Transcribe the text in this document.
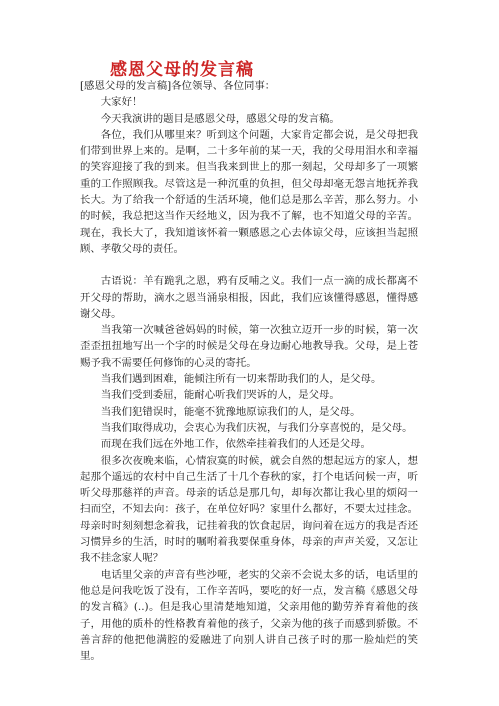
感恩父母的发言稿

[感恩父母的发言稿]各位领导、各位同事：

大家好！

今天我演讲的题目是感恩父母，感恩父母的发言稿。

各位，我们从哪里来？听到这个问题，大家肯定都会说，是父母把我们带到世界上来的。是啊，二十多年前的某一天，我的父母用泪水和幸福的笑容迎接了我的到来。但当我来到世上的那一刻起，父母却多了一项繁重的工作照顾我。尽管这是一种沉重的负担，但父母却毫无怨言地抚养我长大。为了给我一个舒适的生活环境，他们总是那么辛苦，那么努力。小的时候，我总把这当作天经地义，因为我不了解，也不知道父母的辛苦。现在，我长大了，我知道该怀着一颗感恩之心去体谅父母，应该担当起照顾、孝敬父母的责任。

古语说：羊有跪乳之恩，鸦有反哺之义。我们一点一滴的成长都离不开父母的帮助，滴水之恩当涌泉相报，因此，我们应该懂得感恩，懂得感谢父母。

当我第一次喊爸爸妈妈的时候，第一次独立迈开一步的时候，第一次歪歪扭扭地写出一个字的时候是父母在身边耐心地教导我。父母，是上苍赐予我不需要任何修饰的心灵的寄托。

当我们遇到困难，能倾注所有一切来帮助我们的人，是父母。

当我们受到委屈，能耐心听我们哭诉的人，是父母。

当我们犯错误时，能毫不犹豫地原谅我们的人，是父母。

当我们取得成功，会衷心为我们庆祝，与我们分享喜悦的，是父母。

而现在我们远在外地工作，依然牵挂着我们的人还是父母。

很多次夜晚来临，心情寂寞的时候，就会自然的想起远方的家人，想起那个遥远的农村中自己生活了十几个春秋的家，打个电话问候一声，听听父母那慈祥的声音。母亲的话总是那几句，却每次都让我心里的烦闷一扫而空，不知去向：孩子，在单位好吗？家里什么都好，不要太过挂念。母亲时时刻刻想念着我，记挂着我的饮食起居，询问着在远方的我是否还习惯异乡的生活，时时的嘱咐着我要保重身体，母亲的声声关爱，又怎让我不挂念家人呢？

电话里父亲的声音有些沙哑，老实的父亲不会说太多的话，电话里的他总是问我吃饭了没有，工作辛苦吗，要吃的好一点，发言稿《感恩父母的发言稿》(..)。但是我心里清楚地知道，父亲用他的勤劳养育着他的孩子，用他的质朴的性格教育着他的孩子，父亲为他的孩子而感到骄傲。不善言辞的他把他满腔的爱融进了向别人讲自己孩子时的那一脸灿烂的笑里。
